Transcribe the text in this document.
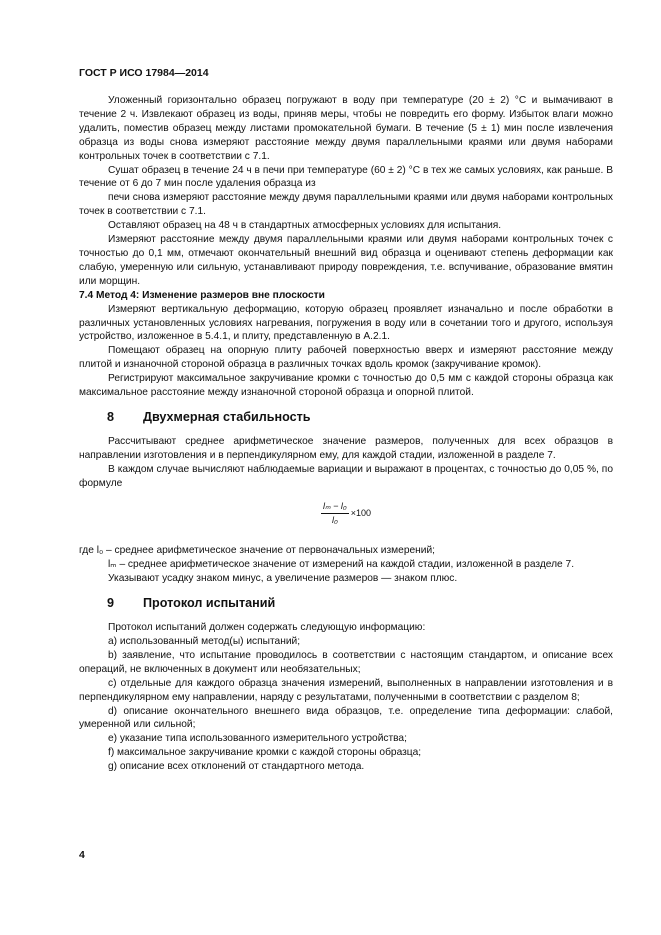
ГОСТ Р ИСО 17984—2014

Уложенный горизонтально образец погружают в воду при температуре (20 ± 2) °С и вымачивают в течение 2 ч. Извлекают образец из воды, приняв меры, чтобы не повредить его форму. Избыток влаги можно удалить, поместив образец между листами промокательной бумаги. В течение (5 ± 1) мин после извлечения образца из воды снова измеряют расстояние между двумя параллельными краями или двумя наборами контрольных точек в соответствии с 7.1.

Сушат образец в течение 24 ч в печи при температуре (60 ± 2) °С в тех же самых условиях, как раньше. В течение от 6 до 7 мин после удаления образца из

печи снова измеряют расстояние между двумя параллельными краями или двумя наборами контрольных точек в соответствии с 7.1.

Оставляют образец на 48 ч в стандартных атмосферных условиях для испытания.

Измеряют расстояние между двумя параллельными краями или двумя наборами контрольных точек с точностью до 0,1 мм, отмечают окончательный внешний вид образца и оценивают степень деформации как слабую, умеренную или сильную, устанавливают природу повреждения, т.е. вспучивание, образование вмятин или морщин.

7.4 Метод 4: Изменение размеров вне плоскости

Измеряют вертикальную деформацию, которую образец проявляет изначально и после обработки в различных установленных условиях нагревания, погружения в воду или в сочетании того и другого, используя устройство, изложенное в 5.4.1, и плиту, представленную в А.2.1.

Помещают образец на опорную плиту рабочей поверхностью вверх и измеряют расстояние между плитой и изнаночной стороной образца в различных точках вдоль кромок (закручивание кромок).

Регистрируют максимальное закручивание кромки с точностью до 0,5 мм с каждой стороны образца как максимальное расстояние между изнаночной стороной образца и опорной плитой.

8 Двухмерная стабильность

Рассчитывают среднее арифметическое значение размеров, полученных для всех образцов в направлении изготовления и в перпендикулярном ему, для каждой стадии, изложенной в разделе 7.

В каждом случае вычисляют наблюдаемые вариации и выражают в процентах, с точностью до 0,05 %, по формуле

$\frac{\text{lₘ − l₀}}{\text{l₀}} \times 100$

где l₀ – среднее арифметическое значение от первоначальных измерений;

lₘ – среднее арифметическое значение от измерений на каждой стадии, изложенной в разделе 7.

Указывают усадку знаком минус, а увеличение размеров — знаком плюс.

9 Протокол испытаний

Протокол испытаний должен содержать следующую информацию:

а) использованный метод(ы) испытаний;

b) заявление, что испытание проводилось в соответствии с настоящим стандартом, и описание всех операций, не включенных в документ или необязательных;

с) отдельные для каждого образца значения измерений, выполненных в направлении изготовления и в перпендикулярном ему направлении, наряду с результатами, полученными в соответствии с разделом 8;

d) описание окончательного внешнего вида образцов, т.е. определение типа деформации: слабой, умеренной или сильной;

е) указание типа использованного измерительного устройства;

f) максимальное закручивание кромки с каждой стороны образца;

g) описание всех отклонений от стандартного метода.

4
